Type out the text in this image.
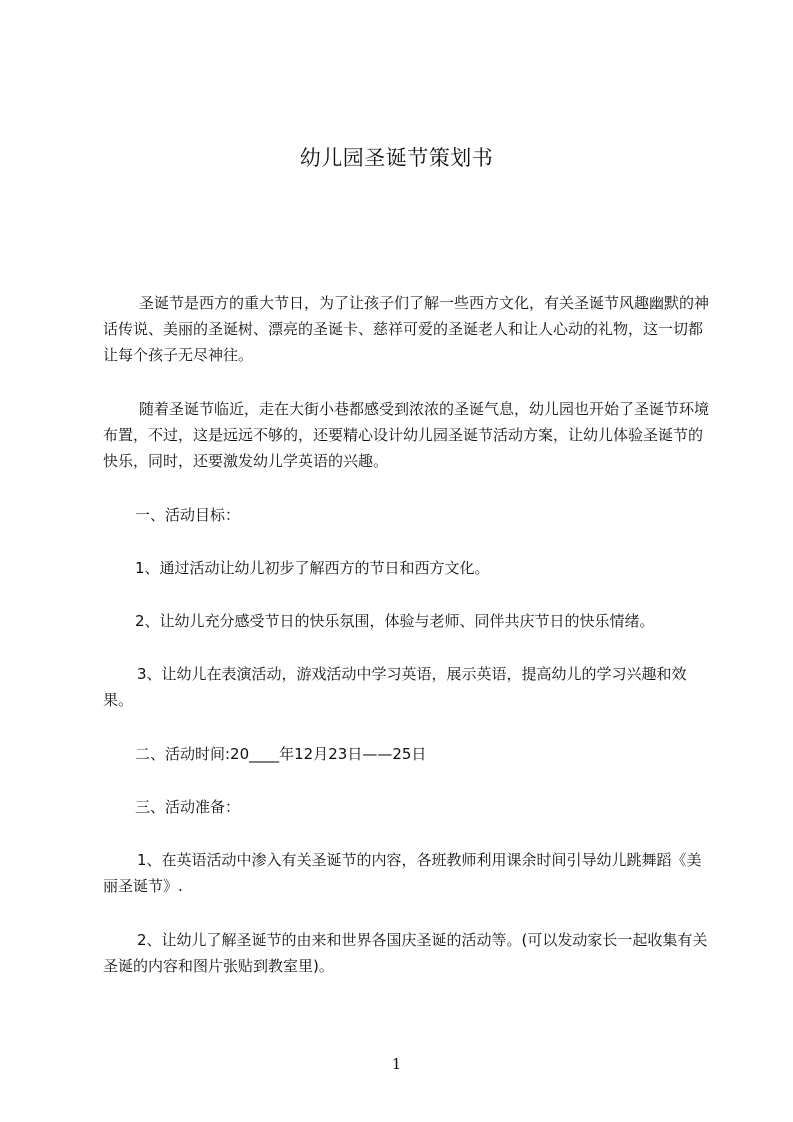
幼儿园圣诞节策划书

圣诞节是西方的重大节日，为了让孩子们了解一些西方文化，有关圣诞节风趣幽默的神话传说、美丽的圣诞树、漂亮的圣诞卡、慈祥可爱的圣诞老人和让人心动的礼物，这一切都让每个孩子无尽神往。

随着圣诞节临近，走在大街小巷都感受到浓浓的圣诞气息，幼儿园也开始了圣诞节环境布置，不过，这是远远不够的，还要精心设计幼儿园圣诞节活动方案，让幼儿体验圣诞节的快乐，同时，还要激发幼儿学英语的兴趣。

一、活动目标：

1、通过活动让幼儿初步了解西方的节日和西方文化。

2、让幼儿充分感受节日的快乐氛围，体验与老师、同伴共庆节日的快乐情绪。

3、让幼儿在表演活动，游戏活动中学习英语，展示英语，提高幼儿的学习兴趣和效果。

二、活动时间:20____年12月23日——25日

三、活动准备：

1、在英语活动中渗入有关圣诞节的内容，各班教师利用课余时间引导幼儿跳舞蹈《美丽圣诞节》.

2、让幼儿了解圣诞节的由来和世界各国庆圣诞的活动等。(可以发动家长一起收集有关圣诞的内容和图片张贴到教室里)。

1
